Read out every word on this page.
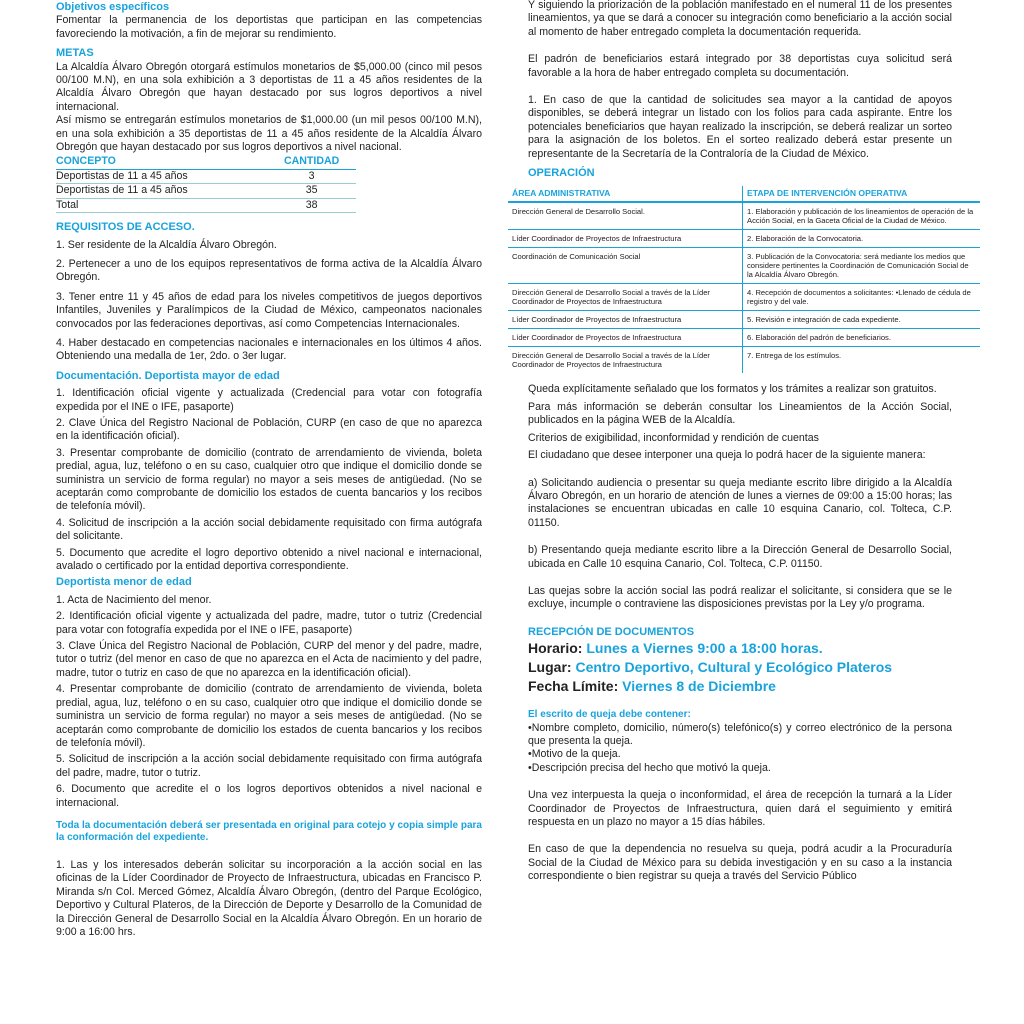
Objetivos específicos

Fomentar la permanencia de los deportistas que participan en las competencias favoreciendo la motivación, a fin de mejorar su rendimiento.

METAS

La Alcaldía Álvaro Obregón otorgará estímulos monetarios de $5,000.00 (cinco mil pesos 00/100 M.N), en una sola exhibición a 3 deportistas de 11 a 45 años residentes de la Alcaldía Álvaro Obregón que hayan destacado por sus logros deportivos a nivel internacional.

Así mismo se entregarán estímulos monetarios de $1,000.00 (un mil pesos 00/100 M.N), en una sola exhibición a 35 deportistas de 11 a 45 años residente de la Alcaldía Álvaro Obregón que hayan destacado por sus logros deportivos a nivel nacional.

CONCEPTO	CANTIDAD
Deportistas de 11 a 45 años	3
Deportistas de 11 a 45 años	35
Total	38
REQUISITOS DE ACCESO.

1. Ser residente de la Alcaldía Álvaro Obregón.

2. Pertenecer a uno de los equipos representativos de forma activa de la Alcaldía Álvaro Obregón.

3. Tener entre 11 y 45 años de edad para los niveles competitivos de juegos deportivos Infantiles, Juveniles y Paralímpicos de la Ciudad de México, campeonatos nacionales convocados por las federaciones deportivas, así como Competencias Internacionales.

4. Haber destacado en competencias nacionales e internacionales en los últimos 4 años. Obteniendo una medalla de 1er, 2do. o 3er lugar.

Documentación. Deportista mayor de edad

1. Identificación oficial vigente y actualizada (Credencial para votar con fotografía expedida por el INE o IFE, pasaporte)

2. Clave Única del Registro Nacional de Población, CURP (en caso de que no aparezca en la identificación oficial).

3. Presentar comprobante de domicilio (contrato de arrendamiento de vivienda, boleta predial, agua, luz, teléfono o en su caso, cualquier otro que indique el domicilio donde se suministra un servicio de forma regular) no mayor a seis meses de antigüedad. (No se aceptarán como comprobante de domicilio los estados de cuenta bancarios y los recibos de telefonía móvil).

4. Solicitud de inscripción a la acción social debidamente requisitado con firma autógrafa del solicitante.

5. Documento que acredite el logro deportivo obtenido a nivel nacional e internacional, avalado o certificado por la entidad deportiva correspondiente.

Deportista menor de edad

1. Acta de Nacimiento del menor.

2. Identificación oficial vigente y actualizada del padre, madre, tutor o tutriz (Credencial para votar con fotografía expedida por el INE o IFE, pasaporte)

3. Clave Única del Registro Nacional de Población, CURP del menor y del padre, madre, tutor o tutriz (del menor en caso de que no aparezca en el Acta de nacimiento y del padre, madre, tutor o tutriz en caso de que no aparezca en la identificación oficial).

4. Presentar comprobante de domicilio (contrato de arrendamiento de vivienda, boleta predial, agua, luz, teléfono o en su caso, cualquier otro que indique el domicilio donde se suministra un servicio de forma regular) no mayor a seis meses de antigüedad. (No se aceptarán como comprobante de domicilio los estados de cuenta bancarios y los recibos de telefonía móvil).

5. Solicitud de inscripción a la acción social debidamente requisitado con firma autógrafa del padre, madre, tutor o tutriz.

6. Documento que acredite el o los logros deportivos obtenidos a nivel nacional e internacional.

Toda la documentación deberá ser presentada en original para cotejo y copia simple para la conformación del expediente.

1. Las y los interesados deberán solicitar su incorporación a la acción social en las oficinas de la Líder Coordinador de Proyecto de Infraestructura, ubicadas en Francisco P. Miranda s/n Col. Merced Gómez, Alcaldía Álvaro Obregón, (dentro del Parque Ecológico, Deportivo y Cultural Plateros, de la Dirección de Deporte y Desarrollo de la Comunidad de la Dirección General de Desarrollo Social en la Alcaldía Álvaro Obregón. En un horario de 9:00 a 16:00 hrs.

Y siguiendo la priorización de la población manifestado en el numeral 11 de los presentes lineamientos, ya que se dará a conocer su integración como beneficiario a la acción social al momento de haber entregado completa la documentación requerida.

El padrón de beneficiarios estará integrado por 38 deportistas cuya solicitud será favorable a la hora de haber entregado completa su documentación.

1. En caso de que la cantidad de solicitudes sea mayor a la cantidad de apoyos disponibles, se deberá integrar un listado con los folios para cada aspirante. Entre los potenciales beneficiarios que hayan realizado la inscripción, se deberá realizar un sorteo para la asignación de los boletos. En el sorteo realizado deberá estar presente un representante de la Secretaría de la Contraloría de la Ciudad de México.

OPERACIÓN
ÁREA ADMINISTRATIVA	ETAPA DE INTERVENCIÓN OPERATIVA
Dirección General de Desarrollo Social.	1. Elaboración y publicación de los lineamientos de operación de la Acción Social, en la Gaceta Oficial de la Ciudad de México.
Líder Coordinador de Proyectos de Infraestructura	2. Elaboración de la Convocatoria.
Coordinación de Comunicación Social	3. Publicación de la Convocatoria: será mediante los medios que considere pertinentes la Coordinación de Comunicación Social de la Alcaldía Álvaro Obregón.
Dirección General de Desarrollo Social a través de la Líder Coordinador de Proyectos de Infraestructura	4. Recepción de documentos a solicitantes: •Llenado de cédula de registro y del vale.
Líder Coordinador de Proyectos de Infraestructura	5. Revisión e integración de cada expediente.
Líder Coordinador de Proyectos de Infraestructura	6. Elaboración del padrón de beneficiarios.
Dirección General de Desarrollo Social a través de la Líder Coordinador de Proyectos de Infraestructura	7. Entrega de los estímulos.

Queda explícitamente señalado que los formatos y los trámites a realizar son gratuitos.

Para más información se deberán consultar los Lineamientos de la Acción Social, publicados en la página WEB de la Alcaldía.

Criterios de exigibilidad, inconformidad y rendición de cuentas

El ciudadano que desee interponer una queja lo podrá hacer de la siguiente manera:

a) Solicitando audiencia o presentar su queja mediante escrito libre dirigido a la Alcaldía Álvaro Obregón, en un horario de atención de lunes a viernes de 09:00 a 15:00 horas; las instalaciones se encuentran ubicadas en calle 10 esquina Canario, col. Tolteca, C.P. 01150.

b) Presentando queja mediante escrito libre a la Dirección General de Desarrollo Social, ubicada en Calle 10 esquina Canario, Col. Tolteca, C.P. 01150.

Las quejas sobre la acción social las podrá realizar el solicitante, si considera que se le excluye, incumple o contraviene las disposiciones previstas por la Ley y/o programa.

RECEPCIÓN DE DOCUMENTOS
Horario: Lunes a Viernes 9:00 a 18:00 horas.
Lugar: Centro Deportivo, Cultural y Ecológico Plateros
Fecha Límite: Viernes 8 de Diciembre
El escrito de queja debe contener:

•Nombre completo, domicilio, número(s) telefónico(s) y correo electrónico de la persona que presenta la queja.

•Motivo de la queja.

•Descripción precisa del hecho que motivó la queja.

Una vez interpuesta la queja o inconformidad, el área de recepción la turnará a la Líder Coordinador de Proyectos de Infraestructura, quien dará el seguimiento y emitirá respuesta en un plazo no mayor a 15 días hábiles.

En caso de que la dependencia no resuelva su queja, podrá acudir a la Procuraduría Social de la Ciudad de México para su debida investigación y en su caso a la instancia correspondiente o bien registrar su queja a través del Servicio Público
